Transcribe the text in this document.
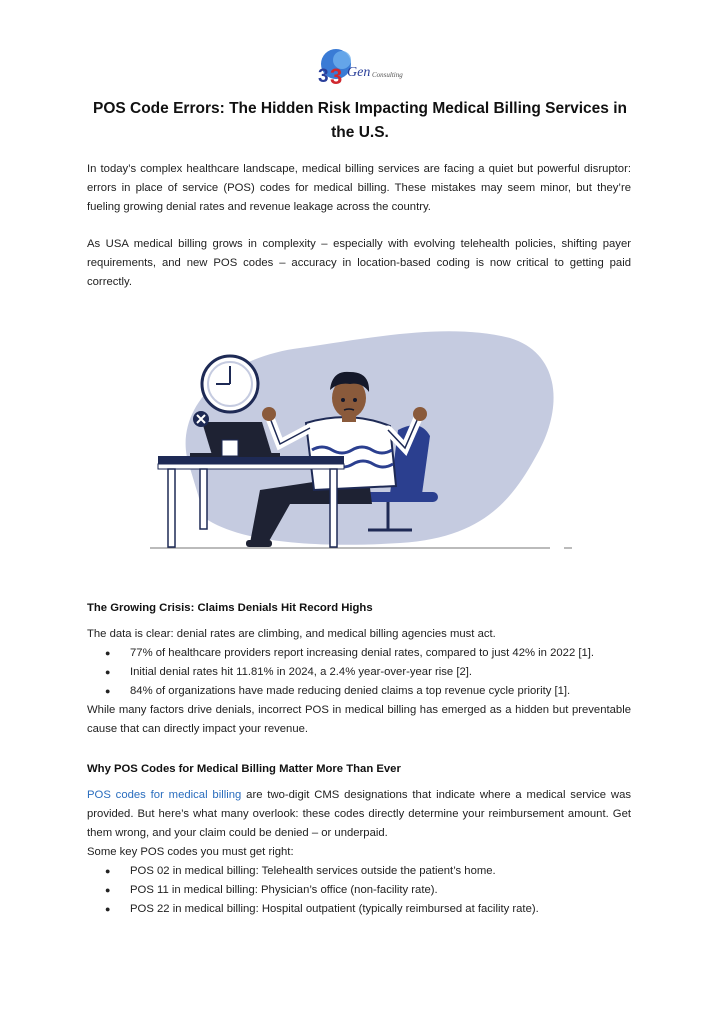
3 3 Gen Consulting
POS Code Errors: The Hidden Risk Impacting Medical Billing Services in the U.S.

In today’s complex healthcare landscape, medical billing services are facing a quiet but powerful disruptor: errors in place of service (POS) codes for medical billing. These mistakes may seem minor, but they’re fueling growing denial rates and revenue leakage across the country.

As USA medical billing grows in complexity – especially with evolving telehealth policies, shifting payer requirements, and new POS codes – accuracy in location-based coding is now critical to getting paid correctly.

The Growing Crisis: Claims Denials Hit Record Highs

The data is clear: denial rates are climbing, and medical billing agencies must act.

● 77% of healthcare providers report increasing denial rates, compared to just 42% in 2022 [1].
● Initial denial rates hit 11.81% in 2024, a 2.4% year-over-year rise [2].
● 84% of organizations have made reducing denied claims a top revenue cycle priority [1].

While many factors drive denials, incorrect POS in medical billing has emerged as a hidden but preventable cause that can directly impact your revenue.

Why POS Codes for Medical Billing Matter More Than Ever

POS codes for medical billing are two-digit CMS designations that indicate where a medical service was provided. But here’s what many overlook: these codes directly determine your reimbursement amount. Get them wrong, and your claim could be denied – or underpaid.

Some key POS codes you must get right:

● POS 02 in medical billing: Telehealth services outside the patient’s home.
● POS 11 in medical billing: Physician’s office (non-facility rate).
● POS 22 in medical billing: Hospital outpatient (typically reimbursed at facility rate).
